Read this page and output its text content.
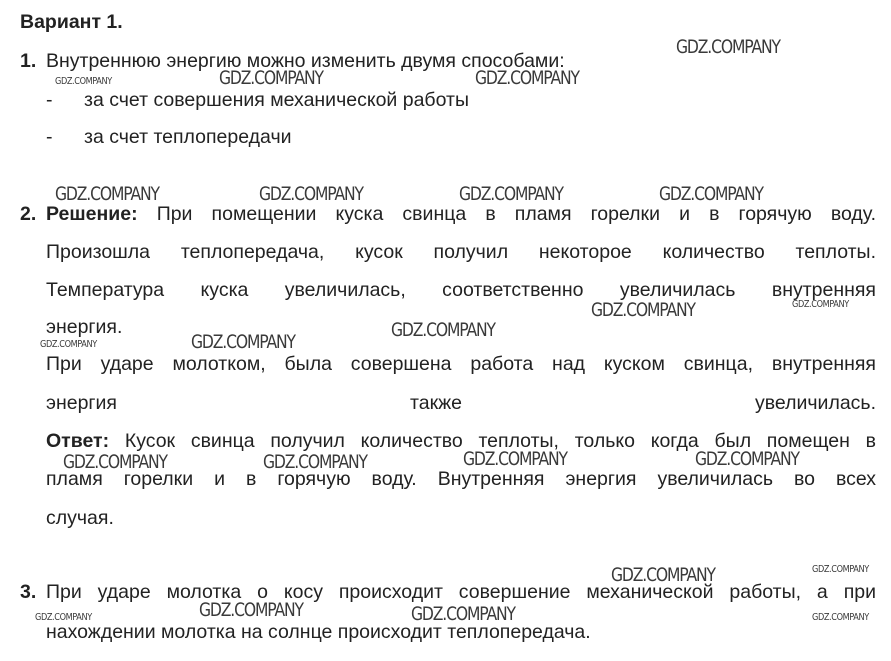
Вариант 1.
1. Внутреннюю энергию можно изменить двумя способами:
- за счет совершения механической работы
- за счет теплопередачи
2. Решение: При помещении куска свинца в пламя горелки и в горячую воду.
Произошла теплопередача, кусок получил некоторое количество теплоты.
Температура куска увеличилась, соответственно увеличилась внутренняя
энергия.
При ударе молотком, была совершена работа над куском свинца, внутренняя
энергия также увеличилась.
Ответ: Кусок свинца получил количество теплоты, только когда был помещен в
пламя горелки и в горячую воду. Внутренняя энергия увеличилась во всех
случая.
3. При ударе молотка о косу происходит совершение механической работы, а при
нахождении молотка на солнце происходит теплопередача.
GDZ.COMPANY
GDZ.COMPANY	GDZ.COMPANY	GDZ.COMPANY
GDZ.COMPANY	GDZ.COMPANY	GDZ.COMPANY	GDZ.COMPANY
GDZ.COMPANY	GDZ.COMPANY
GDZ.COMPANY
GDZ.COMPANY
GDZ.COMPANY
GDZ.COMPANY	GDZ.COMPANY	GDZ.COMPANY	GDZ.COMPANY
GDZ.COMPANY	GDZ.COMPANY
GDZ.COMPANY	GDZ.COMPANY
GDZ.COMPANY	GDZ.COMPANY
